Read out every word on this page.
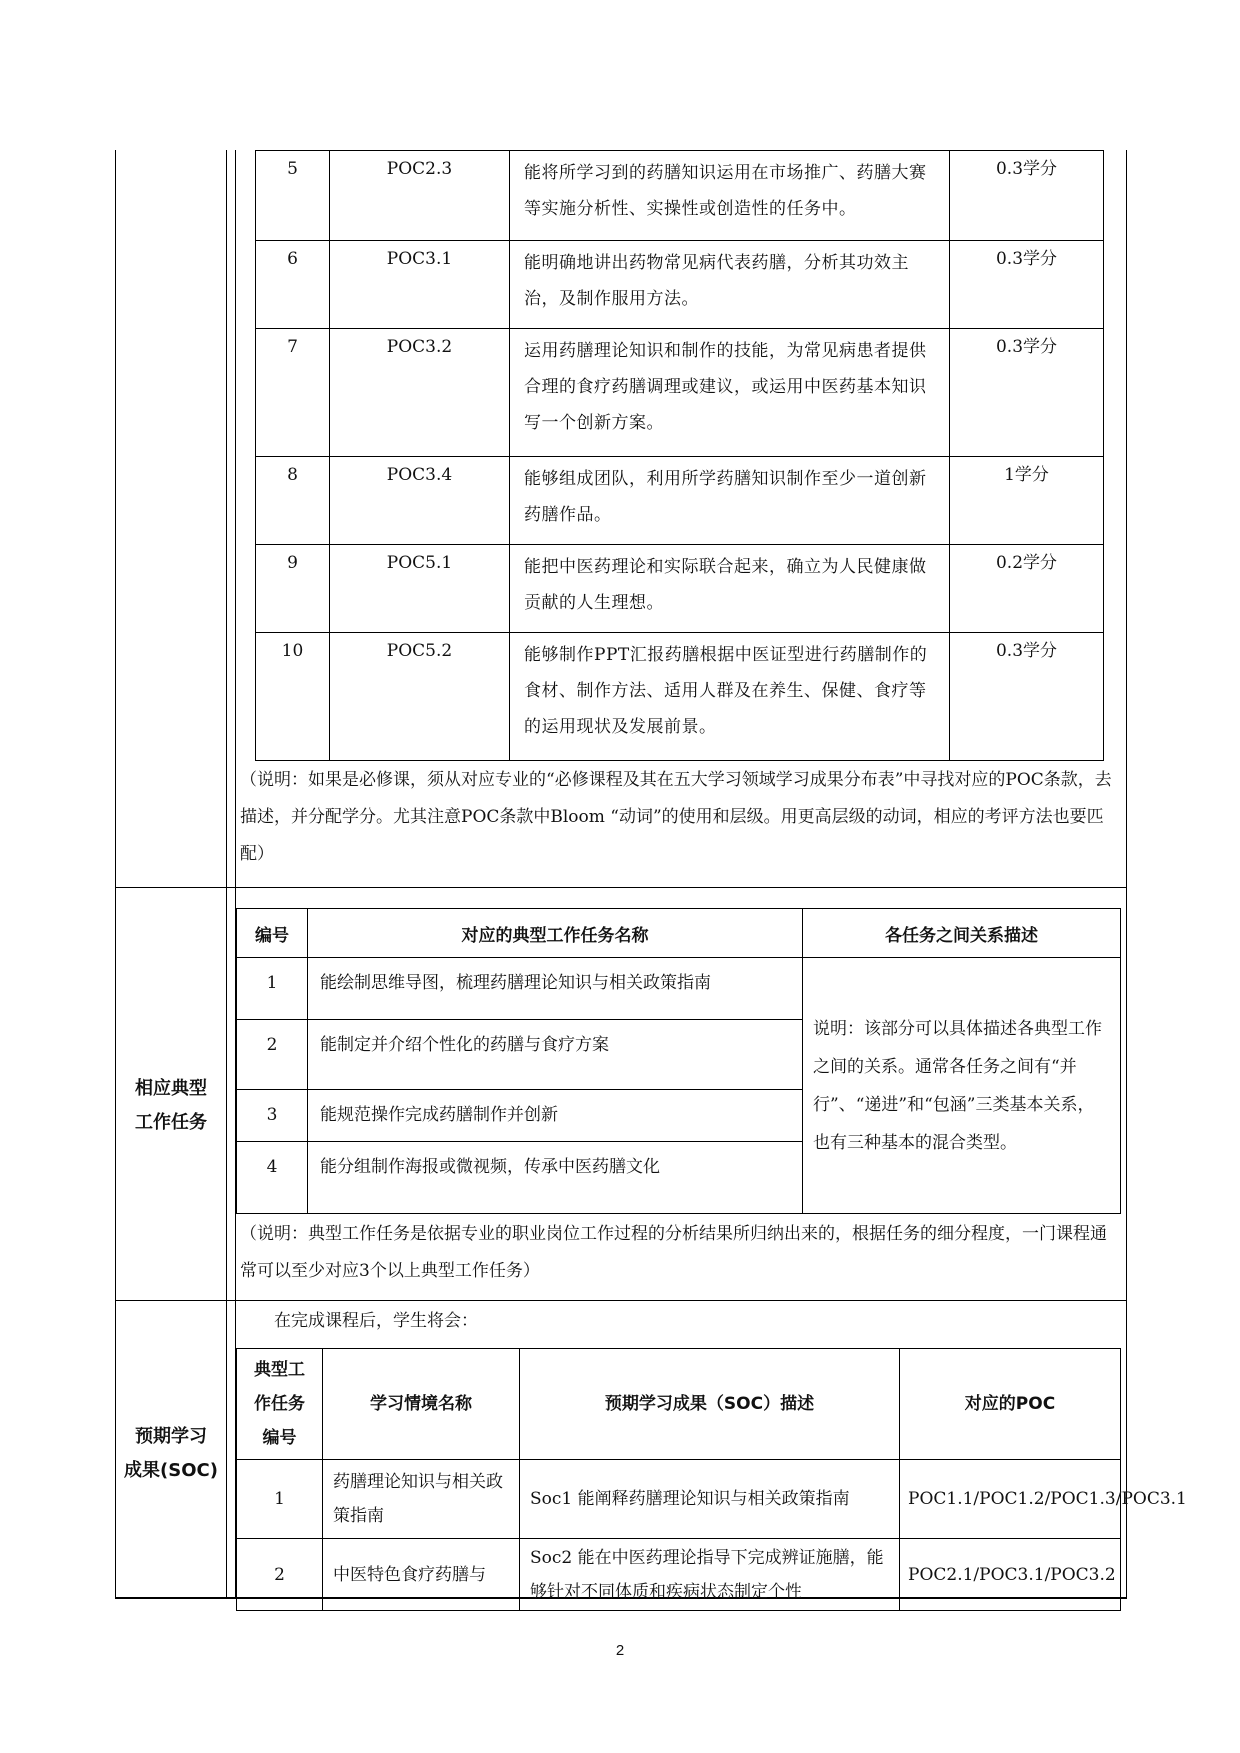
5	POC2.3	能将所学习到的药膳知识运用在市场推广、药膳大赛等实施分析性、实操性或创造性的任务中。	0.3学分
6	POC3.1	能明确地讲出药物常见病代表药膳，分析其功效主治，及制作服用方法。	0.3学分
7	POC3.2	运用药膳理论知识和制作的技能，为常见病患者提供合理的食疗药膳调理或建议，或运用中医药基本知识写一个创新方案。	0.3学分
8	POC3.4	能够组成团队，利用所学药膳知识制作至少一道创新药膳作品。	1学分
9	POC5.1	能把中医药理论和实际联合起来，确立为人民健康做贡献的人生理想。	0.2学分
10	POC5.2	能够制作PPT汇报药膳根据中医证型进行药膳制作的食材、制作方法、适用人群及在养生、保健、食疗等的运用现状及发展前景。	0.3学分
（说明：如果是必修课，须从对应专业的“必修课程及其在五大学习领域学习成果分布表”中寻找对应的POC条款，去描述，并分配学分。尤其注意POC条款中Bloom “动词”的使用和层级。用更高层级的动词，相应的考评方法也要匹配）
相应典型
工作任务
编号	对应的典型工作任务名称	各任务之间关系描述
1	能绘制思维导图，梳理药膳理论知识与相关政策指南	说明：该部分可以具体描述各典型工作之间的关系。通常各任务之间有“并行”、“递进”和“包涵”三类基本关系，也有三种基本的混合类型。
2	能制定并介绍个性化的药膳与食疗方案	
3	能规范操作完成药膳制作并创新	
4	能分组制作海报或微视频，传承中医药膳文化	
（说明：典型工作任务是依据专业的职业岗位工作过程的分析结果所归纳出来的，根据任务的细分程度，一门课程通常可以至少对应3个以上典型工作任务）
预期学习
成果(SOC)
在完成课程后，学生将会：
典型工作任务编号	学习情境名称	预期学习成果（SOC）描述	对应的POC
1	药膳理论知识与相关政策指南	Soc1 能阐释药膳理论知识与相关政策指南	POC1.1/POC1.2/POC1.3/POC3.1
2	中医特色食疗药膳与	Soc2 能在中医药理论指导下完成辨证施膳，能够针对不同体质和疾病状态制定个性	POC2.1/POC3.1/POC3.2
2
